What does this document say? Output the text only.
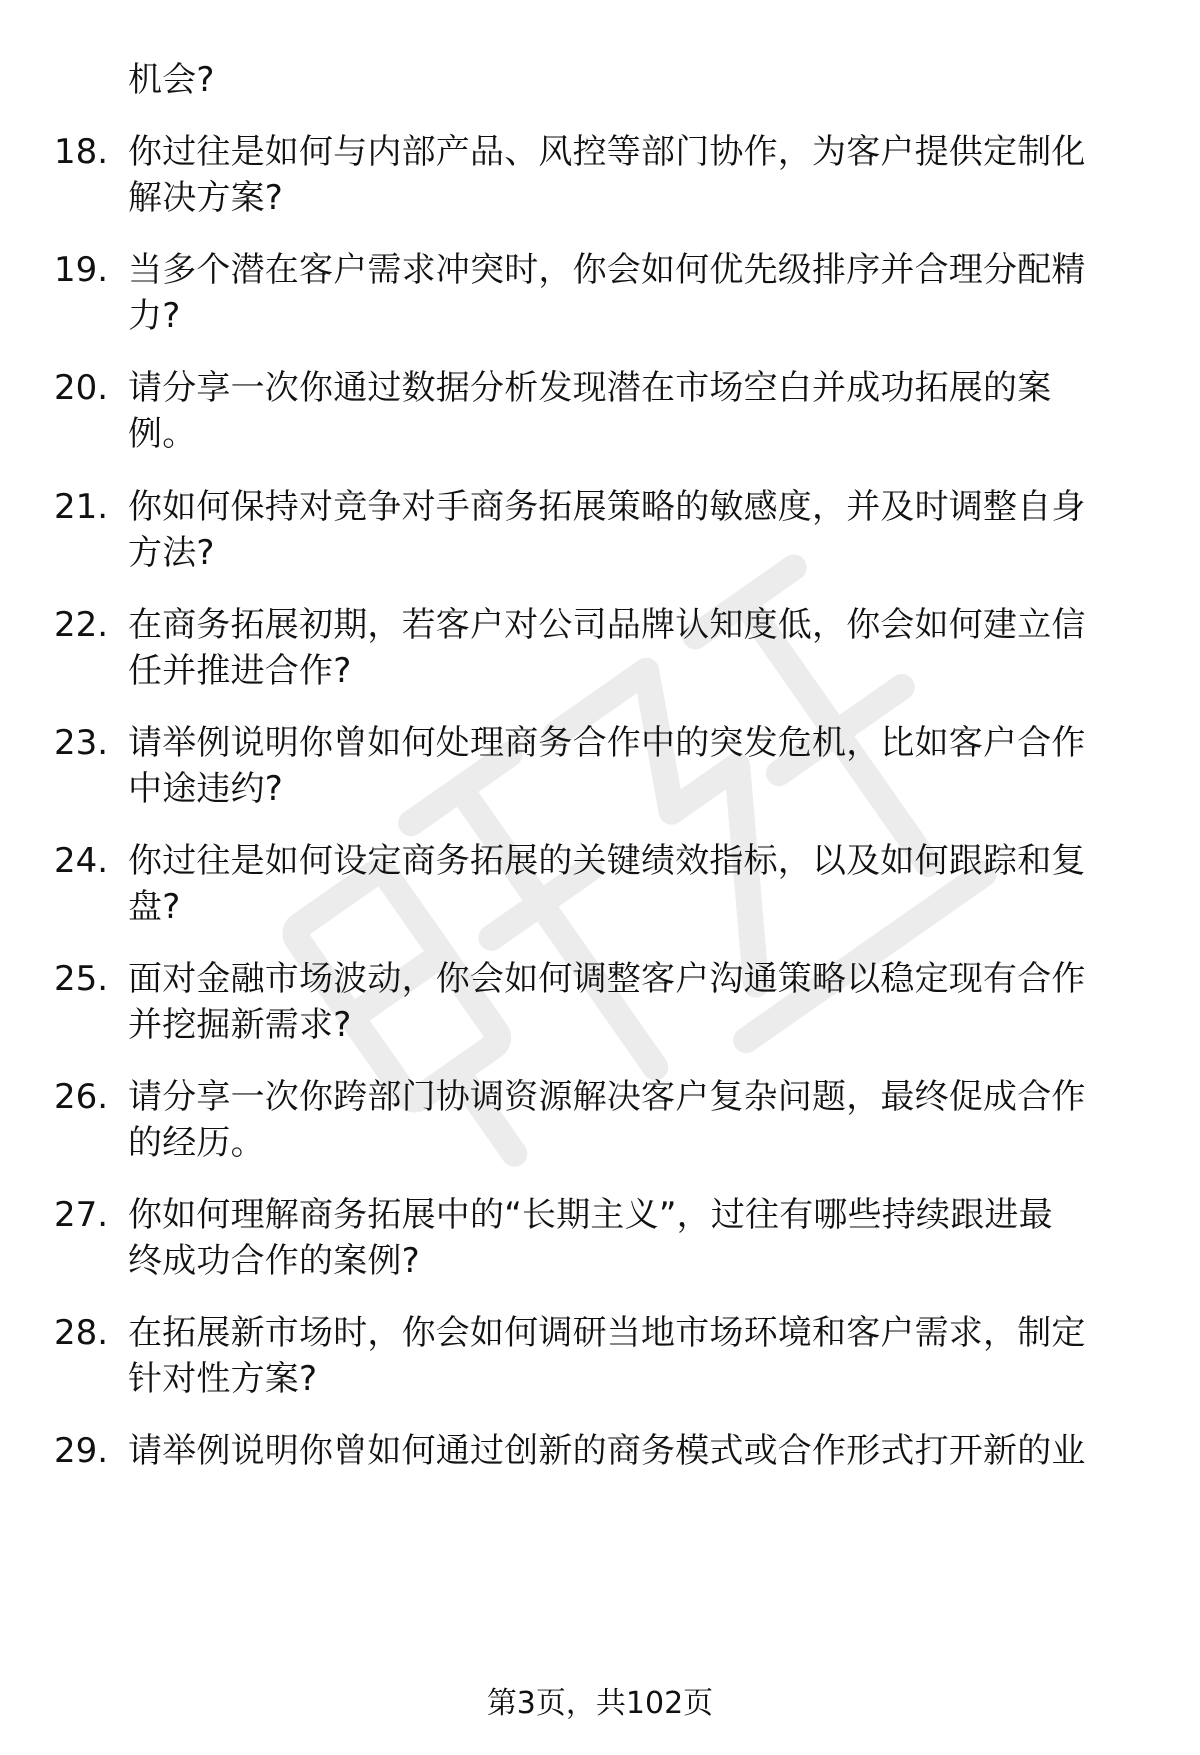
机会?
18. 你过往是如何与内部产品、风控等部门协作，为客户提供定制化
解决方案?
19. 当多个潜在客户需求冲突时，你会如何优先级排序并合理分配精
力?
20. 请分享一次你通过数据分析发现潜在市场空白并成功拓展的案
例。
21. 你如何保持对竞争对手商务拓展策略的敏感度，并及时调整自身
方法?
22. 在商务拓展初期，若客户对公司品牌认知度低，你会如何建立信
任并推进合作?
23. 请举例说明你曾如何处理商务合作中的突发危机，比如客户合作
中途违约?
24. 你过往是如何设定商务拓展的关键绩效指标，以及如何跟踪和复
盘?
25. 面对金融市场波动，你会如何调整客户沟通策略以稳定现有合作
并挖掘新需求?
26. 请分享一次你跨部门协调资源解决客户复杂问题，最终促成合作
的经历。
27. 你如何理解商务拓展中的“长期主义”，过往有哪些持续跟进最
终成功合作的案例?
28. 在拓展新市场时，你会如何调研当地市场环境和客户需求，制定
针对性方案?
29. 请举例说明你曾如何通过创新的商务模式或合作形式打开新的业
第3页，共102页
